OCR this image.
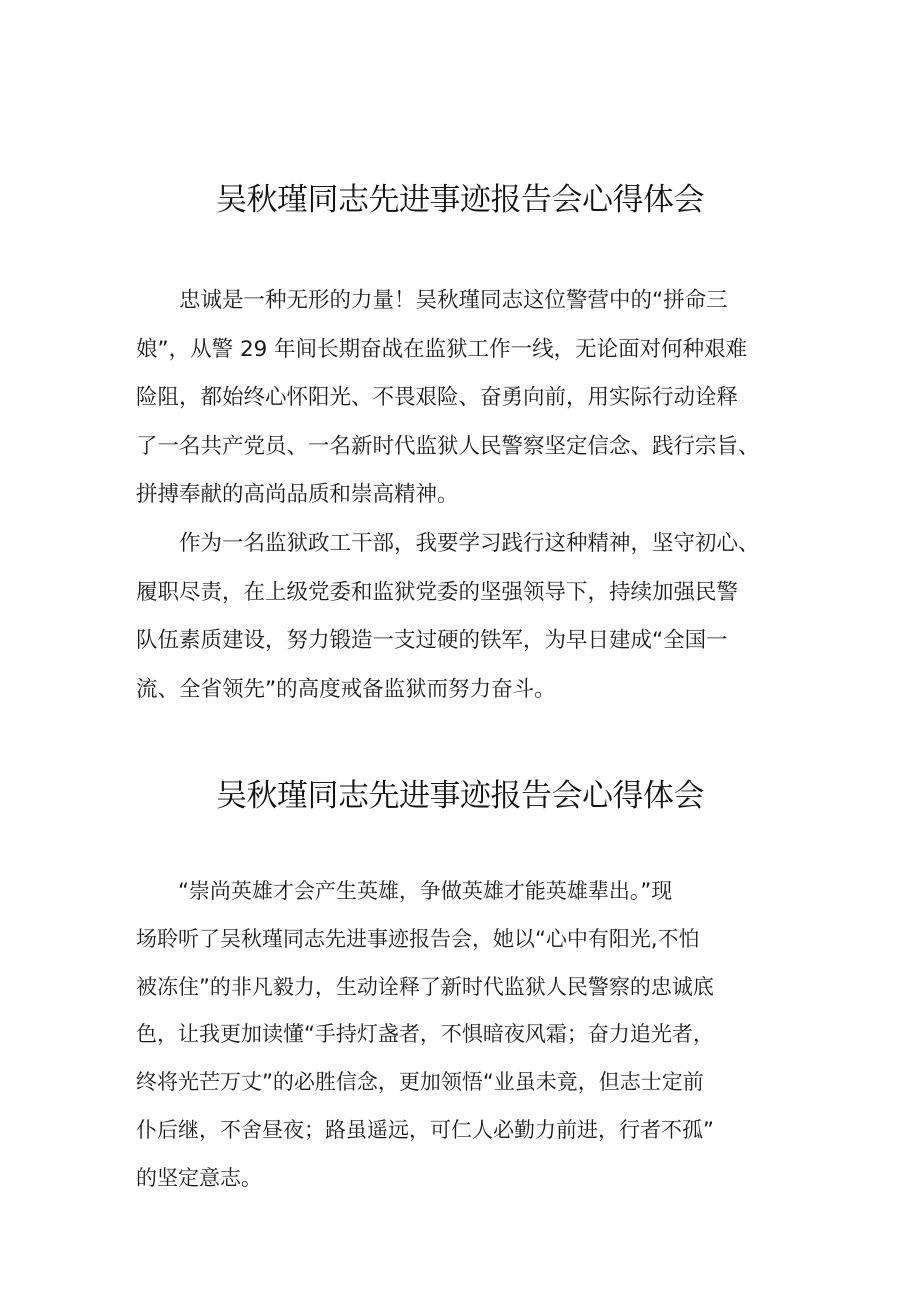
吴秋瑾同志先进事迹报告会心得体会
　　忠诚是一种无形的力量！吴秋瑾同志这位警营中的“拼命三
娘”，从警 29 年间长期奋战在监狱工作一线，无论面对何种艰难
险阻，都始终心怀阳光、不畏艰险、奋勇向前，用实际行动诠释
了一名共产党员、一名新时代监狱人民警察坚定信念、践行宗旨、
拼搏奉献的高尚品质和崇高精神。
　　作为一名监狱政工干部，我要学习践行这种精神，坚守初心、
履职尽责，在上级党委和监狱党委的坚强领导下，持续加强民警
队伍素质建设，努力锻造一支过硬的铁军，为早日建成“全国一
流、全省领先”的高度戒备监狱而努力奋斗。
吴秋瑾同志先进事迹报告会心得体会
　　“崇尚英雄才会产生英雄，争做英雄才能英雄辈出。”现
场聆听了吴秋瑾同志先进事迹报告会，她以“心中有阳光,不怕
被冻住”的非凡毅力，生动诠释了新时代监狱人民警察的忠诚底
色，让我更加读懂“手持灯盏者，不惧暗夜风霜；奋力追光者，
终将光芒万丈”的必胜信念，更加领悟“业虽未竟，但志士定前
仆后继，不舍昼夜；路虽遥远，可仁人必勤力前进，行者不孤”
的坚定意志。
